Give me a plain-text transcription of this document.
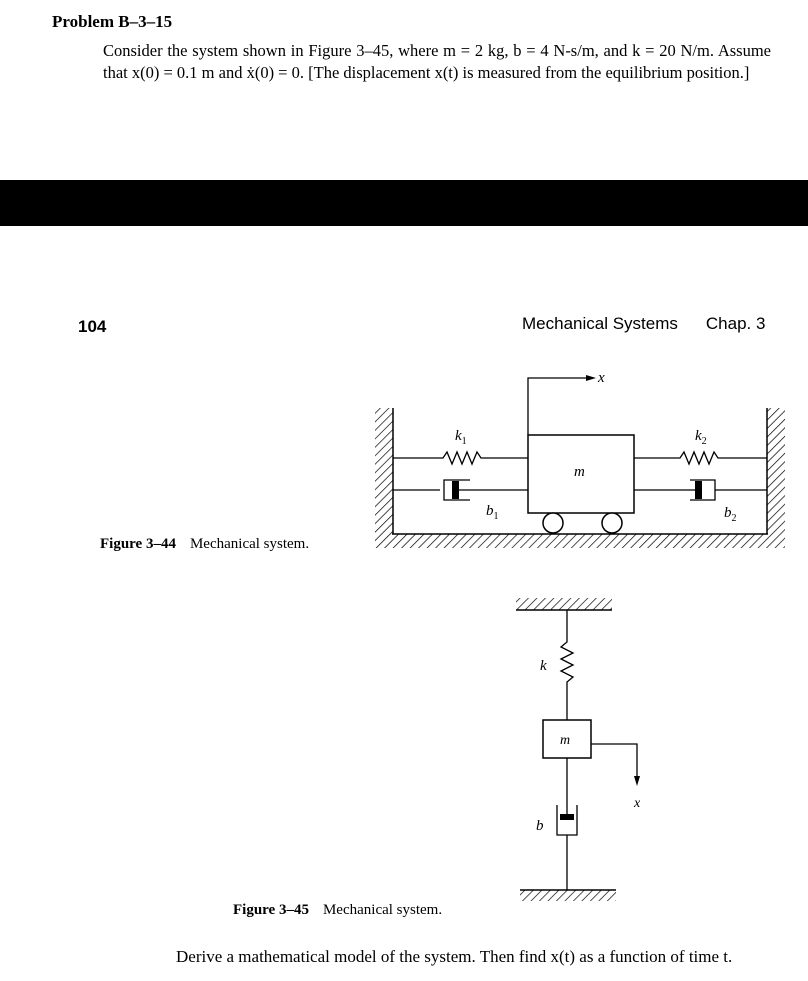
Problem B–3–15
Consider the system shown in Figure 3–45, where m = 2 kg, b = 4 N-s/m, and k = 20 N/m. Assume that x(0) = 0.1 m and ẋ(0) = 0. [The displacement x(t) is measured from the equilibrium position.]
104	Mechanical Systems Chap. 3
x
$k_1$	$k_2$
m
$b_1$	$b_2$
Figure 3–44 Mechanical system.
k
m
x
b
Figure 3–45 Mechanical system.
Derive a mathematical model of the system. Then find x(t) as a function of time t.
